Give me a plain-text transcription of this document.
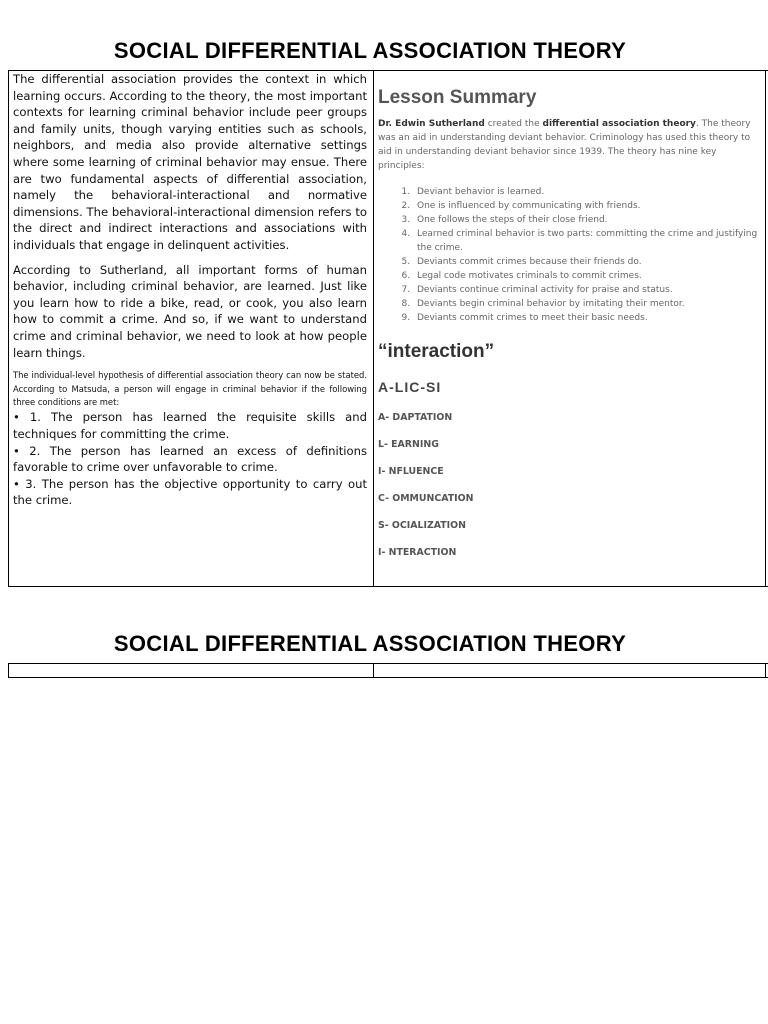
SOCIAL DIFFERENTIAL ASSOCIATION THEORY

The differential association provides the context in which learning occurs. According to the theory, the most important contexts for learning criminal behavior include peer groups and family units, though varying entities such as schools, neighbors, and media also provide alternative settings where some learning of criminal behavior may ensue. There are two fundamental aspects of differential association, namely the behavioral-interactional and normative dimensions. The behavioral-interactional dimension refers to the direct and indirect interactions and associations with individuals that engage in delinquent activities.

According to Sutherland, all important forms of human behavior, including criminal behavior, are learned. Just like you learn how to ride a bike, read, or cook, you also learn how to commit a crime. And so, if we want to understand crime and criminal behavior, we need to look at how people learn things.

The individual-level hypothesis of differential association theory can now be stated. According to Matsuda, a person will engage in criminal behavior if the following three conditions are met:

• 1. The person has learned the requisite skills and techniques for committing the crime.

• 2. The person has learned an excess of definitions favorable to crime over unfavorable to crime.

• 3. The person has the objective opportunity to carry out the crime.

Lesson Summary
Dr. Edwin Sutherland created the differential association theory. The theory was an aid in understanding deviant behavior. Criminology has used this theory to aid in understanding deviant behavior since 1939. The theory has nine key principles:
1. Deviant behavior is learned.
2. One is influenced by communicating with friends.
3. One follows the steps of their close friend.
4. Learned criminal behavior is two parts: committing the crime and justifying the crime.
5. Deviants commit crimes because their friends do.
6. Legal code motivates criminals to commit crimes.
7. Deviants continue criminal activity for praise and status.
8. Deviants begin criminal behavior by imitating their mentor.
9. Deviants commit crimes to meet their basic needs.
“interaction”
A-LIC-SI
A- DAPTATION
L- EARNING
I- NFLUENCE
C- OMMUNCATION
S- OCIALIZATION
I- NTERACTION
SOCIAL DIFFERENTIAL ASSOCIATION THEORY
